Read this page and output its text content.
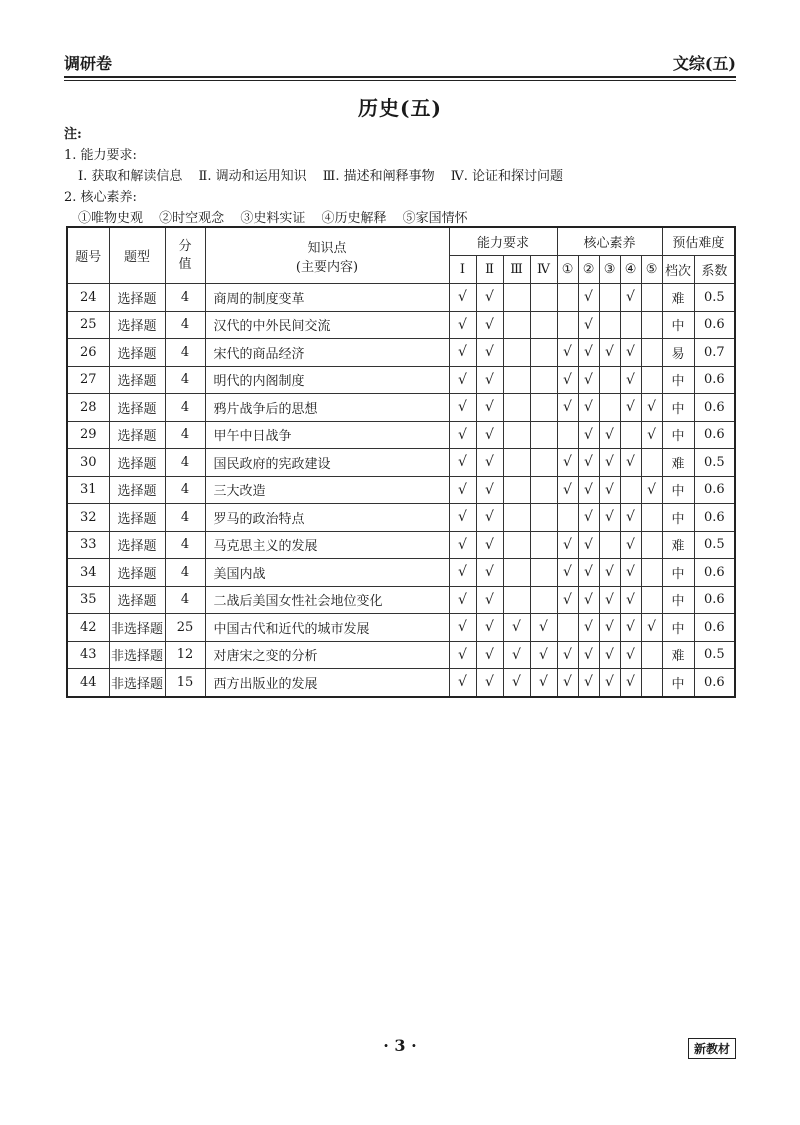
调研卷	文综(五)
历史(五)
注:
1. 能力要求:
Ⅰ. 获取和解读信息 Ⅱ. 调动和运用知识 Ⅲ. 描述和阐释事物 Ⅳ. 论证和探讨问题
2. 核心素养:
①唯物史观 ②时空观念 ③史料实证 ④历史解释 ⑤家国情怀
题号	题型	分值	知识点
(主要内容)	能力要求				核心素养					预估难度	
				Ⅰ	Ⅱ	Ⅲ	Ⅳ	①	②	③	④	⑤	档次	系数
24	选择题	4	商周的制度变革	√	√				√		√		难	0.5
25	选择题	4	汉代的中外民间交流	√	√				√				中	0.6
26	选择题	4	宋代的商品经济	√	√			√	√	√	√		易	0.7
27	选择题	4	明代的内阁制度	√	√			√	√		√		中	0.6
28	选择题	4	鸦片战争后的思想	√	√			√	√		√	√	中	0.6
29	选择题	4	甲午中日战争	√	√				√	√		√	中	0.6
30	选择题	4	国民政府的宪政建设	√	√			√	√	√	√		难	0.5
31	选择题	4	三大改造	√	√			√	√	√		√	中	0.6
32	选择题	4	罗马的政治特点	√	√				√	√	√		中	0.6
33	选择题	4	马克思主义的发展	√	√			√	√		√		难	0.5
34	选择题	4	美国内战	√	√			√	√	√	√		中	0.6
35	选择题	4	二战后美国女性社会地位变化	√	√			√	√	√	√		中	0.6
42	非选择题	25	中国古代和近代的城市发展	√	√	√	√		√	√	√	√	中	0.6
43	非选择题	12	对唐宋之变的分析	√	√	√	√	√	√	√	√		难	0.5
44	非选择题	15	西方出版业的发展	√	√	√	√	√	√	√	√		中	0.6
· 3 ·	新教材
